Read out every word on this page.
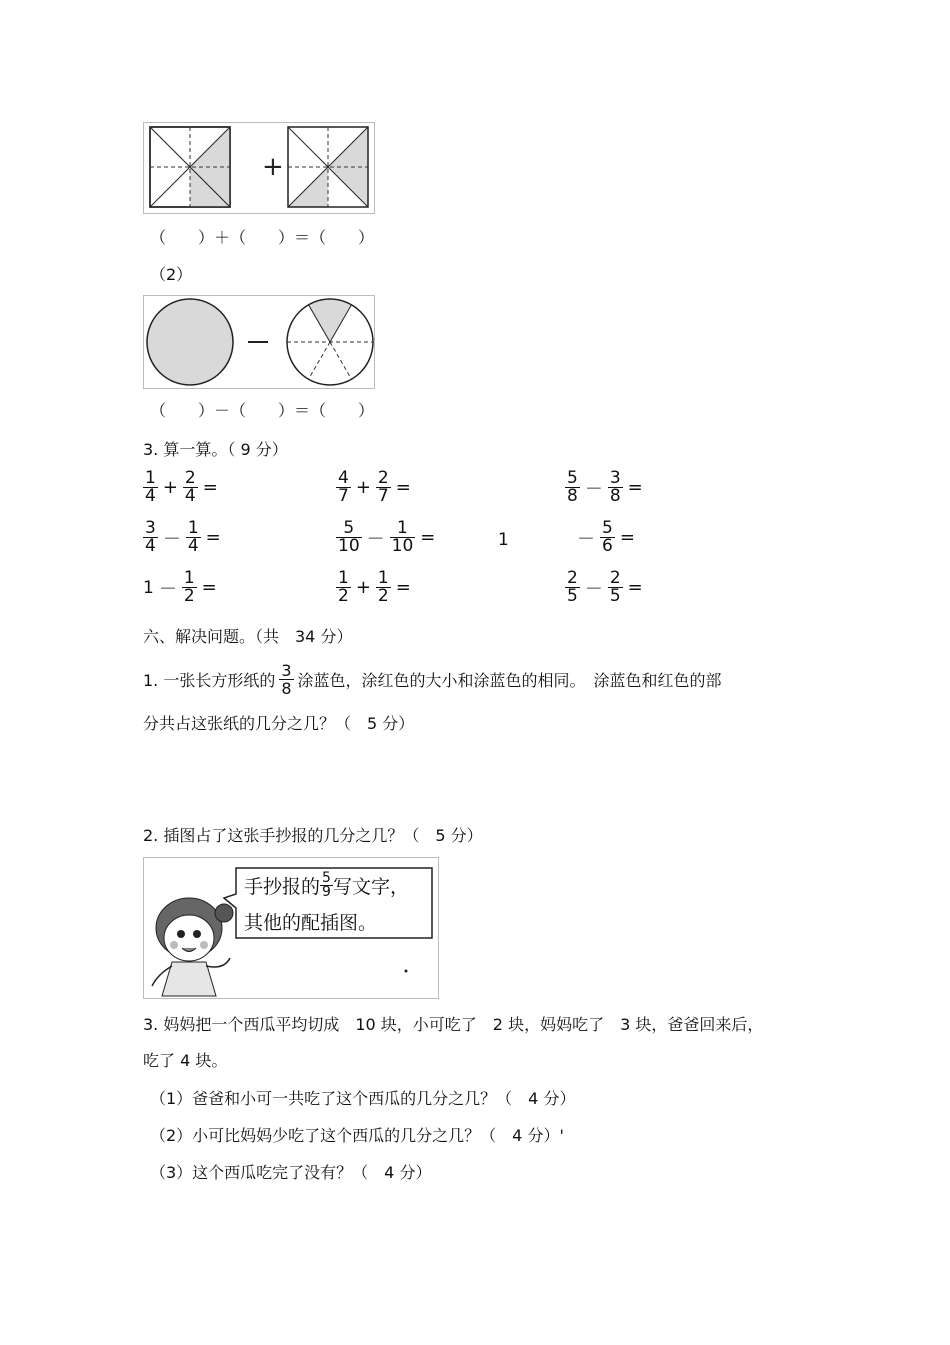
+
（　　）＋（　　）＝（　　）
（2）
（　　）－（　　）＝（　　）
3. 算一算。（ 9 分）
$\frac{1}{4} + \frac{2}{4}$ =	$\frac{4}{7} + \frac{2}{7}$ =	$\frac{5}{8} - \frac{3}{8}$ =
$\frac{3}{4} - \frac{1}{4}$ =	$\frac{5}{10} - \frac{1}{10}$ =	1	－ $\frac{5}{6}$ =
$1 - \frac{1}{2}$ =	$\frac{1}{2} + \frac{1}{2}$ =	$\frac{2}{5} - \frac{2}{5}$ =
六、解决问题。（共　34 分）
1. 一张长方形纸的 $\frac{3}{8}$ 涂蓝色，涂红色的大小和涂蓝色的相同。　涂蓝色和红色的部
分共占这张纸的几分之几？（　5 分）
2. 插图占了这张手抄报的几分之几？（　5 分）
手抄报的 $\frac{5}{9}$ 写文字，
其他的配插图。
3. 妈妈把一个西瓜平均切成　10 块，小可吃了　2 块，妈妈吃了　3 块，爸爸回来后，
吃了 4 块。
（1）爸爸和小可一共吃了这个西瓜的几分之几？（　4 分）
（2）小可比妈妈少吃了这个西瓜的几分之几？（　4 分）'
（3）这个西瓜吃完了没有？（　4 分）
